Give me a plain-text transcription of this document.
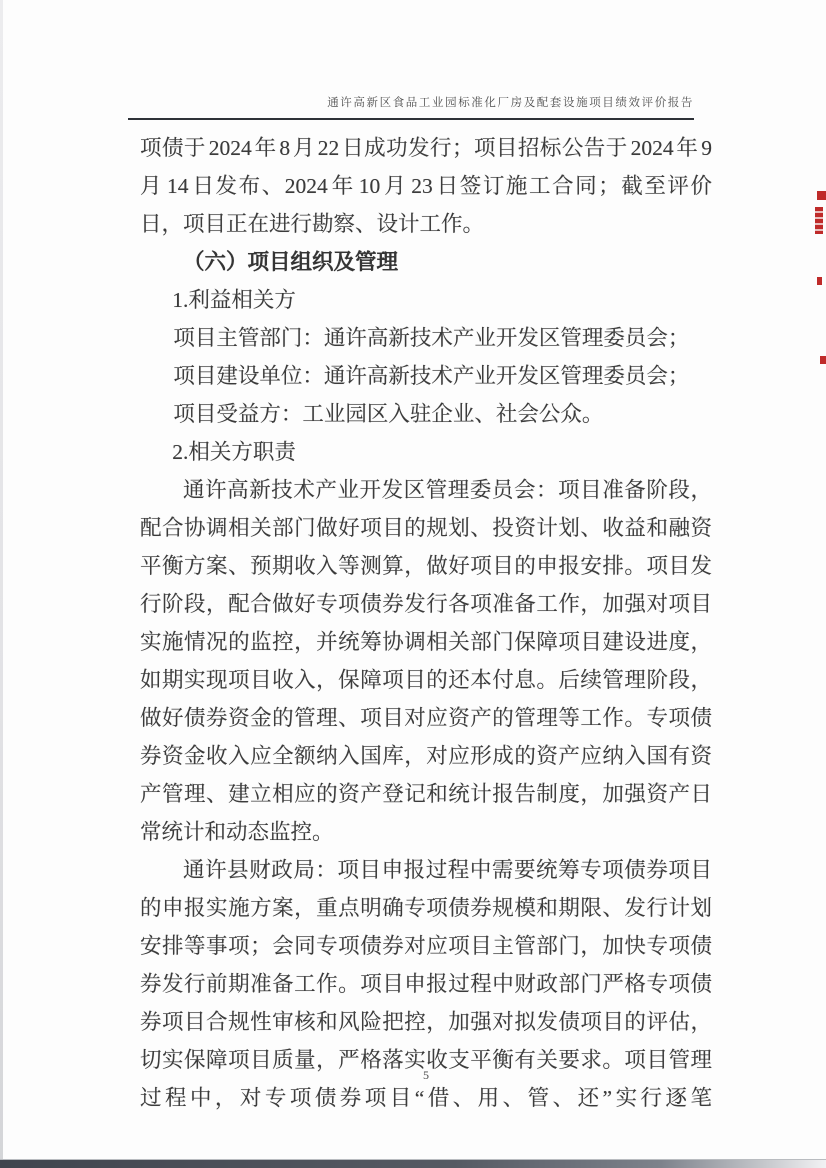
通许高新区食品工业园标准化厂房及配套设施项目绩效评价报告

项债于 2024 年 8 月 22 日成功发行；项目招标公告于 2024 年 9 月 14 日发布、2024 年 10 月 23 日签订施工合同；截至评价日，项目正在进行勘察、设计工作。

（六）项目组织及管理

1.利益相关方

项目主管部门：通许高新技术产业开发区管理委员会；

项目建设单位：通许高新技术产业开发区管理委员会；

项目受益方：工业园区入驻企业、社会公众。

2.相关方职责

通许高新技术产业开发区管理委员会：项目准备阶段，配合协调相关部门做好项目的规划、投资计划、收益和融资平衡方案、预期收入等测算，做好项目的申报安排。项目发行阶段，配合做好专项债券发行各项准备工作，加强对项目实施情况的监控，并统筹协调相关部门保障项目建设进度，如期实现项目收入，保障项目的还本付息。后续管理阶段，做好债券资金的管理、项目对应资产的管理等工作。专项债券资金收入应全额纳入国库，对应形成的资产应纳入国有资产管理、建立相应的资产登记和统计报告制度，加强资产日常统计和动态监控。

通许县财政局：项目申报过程中需要统筹专项债券项目的申报实施方案，重点明确专项债券规模和期限、发行计划安排等事项；会同专项债券对应项目主管部门，加快专项债券发行前期准备工作。项目申报过程中财政部门严格专项债券项目合规性审核和风险把控，加强对拟发债项目的评估，切实保障项目质量，严格落实收支平衡有关要求。项目管理过程中，对专项债券项目“借、用、管、还”实行逐笔

5
